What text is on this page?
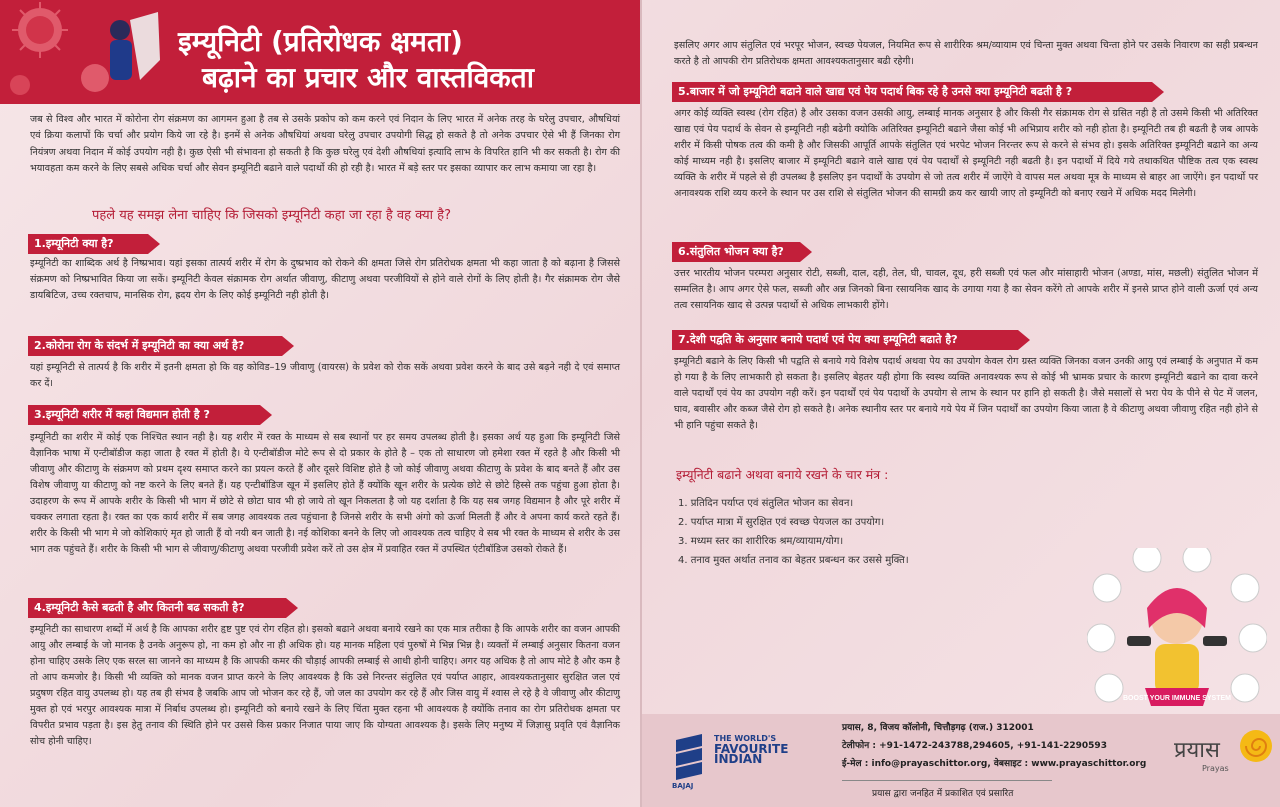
इम्यूनिटी (प्रतिरोधक क्षमता)
बढ़ाने का प्रचार और वास्तविकता
जब से विश्व और भारत में कोरोना रोग संक्रमण का आगमन हुआ है तब से उसके प्रकोप को कम करने एवं निदान के लिए भारत में अनेक तरह के घरेलु उपचार, औषधियां एवं क्रिया कलापों कि चर्चा और प्रयोग किये जा रहे है। इनमें से अनेक औषधियां अथवा घरेलु उपचार उपयोगी सिद्ध हो सकते है तो अनेक उपचार ऐसे भी हैं जिनका रोग नियंत्रण अथवा निदान में कोई उपयोग नही है। कुछ ऐसी भी संभावना हो सकती है कि कुछ घरेलु एवं देशी औषधियां इत्यादि लाभ के विपरित हानि भी कर सकती है। रोग की भयावहता कम करने के लिए सबसे अधिक चर्चा और सेवन इम्यूनिटी बढाने वाले पदार्थो की हो रही है। भारत में बड़े स्तर पर इसका व्यापार कर लाभ कमाया जा रहा है।
पहले यह समझ लेना चाहिए कि जिसको इम्यूनिटी कहा जा रहा है वह क्या है?
1.इम्यूनिटी क्या है?
इम्यूनिटी का शाब्दिक अर्थ है निष्प्रभाव। यहां इसका तात्पर्य शरीर में रोग के दुष्प्रभाव को रोकने की क्षमता जिसे रोग प्रतिरोधक क्षमता भी कहा जाता है को बढ़ाना है जिससे संक्रमण को निष्प्रभावित किया जा सकें। इम्यूनिटी केवल संक्रामक रोग अर्थात जीवाणु, कीटाणु अथवा परजीवियों से होने वाले रोगों के लिए होती है। गैर संक्रामक रोग जैसे डायबिटिज, उच्च रक्तचाप, मानसिक रोग, ह्रदय रोग के लिए कोई इम्यूनिटी नही होती है।
2.कोरोना रोग के संदर्भ में इम्यूनिटी का क्या अर्थ है?
यहां इम्यूनिटी से तात्पर्य है कि शरीर में इतनी क्षमता हो कि वह कोविड–19 जीवाणु (वायरस) के प्रवेश को रोक सकें अथवा प्रवेश करने के बाद उसे बढ़ने नही दे एवं समाप्त कर दें।
3.इम्यूनिटी शरीर में कहां विद्यमान होती है ?
इम्यूनिटी का शरीर में कोई एक निश्चित स्थान नही है। यह शरीर में रक्त के माध्यम से सब स्थानों पर हर समय उपलब्ध होती है। इसका अर्थ यह हुआ कि इम्यूनिटी जिसे वैज्ञानिक भाषा में एन्टीबॉडीज कहा जाता है रक्त में होती है। ये एन्टीबॉडीज मोटे रूप से दो प्रकार के होते है – एक तो साधारण जो हमेशा रक्त में रहते है और किसी भी जीवाणु और कीटाणु के संक्रमण को प्रथम दृश्य समाप्त करने का प्रयत्न करते हैं और दूसरे विशिष्ट होते है जो कोई जीवाणु अथवा कीटाणु के प्रवेश के बाद बनते हैं और उस विशेष जीवाणु या कीटाणु को नष्ट करने के लिए बनते हैं। यह एन्टीबॉडिज खून में इसलिए होते हैं क्योंकि खून शरीर के प्रत्येक छोटे से छोटे हिस्से तक पहुंचा हुआ होता है। उदाहरण के रूप में आपके शरीर के किसी भी भाग में छोटे से छोटा घाव भी हो जाये तो खून निकलता है जो यह दर्शाता है कि यह सब जगह विद्यमान है और पूरे शरीर में चक्कर लगाता रहता है। रक्त का एक कार्य शरीर में सब जगह आवश्यक तत्व पहुंचाना है जिनसे शरीर के सभी अंगो को ऊर्जा मिलती हैं और वे अपना कार्य करते रहते हैं। शरीर के किसी भी भाग मे जो कोशिकाएं मृत हो जाती हैं वो नयी बन जाती है। नई कोशिका बनने के लिए जो आवश्यक तत्व चाहिए वे सब भी रक्त के माध्यम से शरीर के उस भाग तक पहुंचते हैं। शरीर के किसी भी भाग से जीवाणु/कीटाणु अथवा परजीवी प्रवेश करें तो उस क्षेत्र में प्रवाहित रक्त में उपस्थित एंटीबॉडिज उसको रोकते हैं।
4.इम्यूनिटी कैसे बढती है और कितनी बढ सकती है?
इम्यूनिटी का साधारण शब्दों में अर्थ है कि आपका शरीर हृष्ट पुष्ट एवं रोग रहित हो। इसको बढाने अथवा बनाये रखने का एक मात्र तरीका है कि आपके शरीर का वजन आपकी आयु और लम्बाई के जो मानक है उनके अनुरूप हो, ना कम हो और ना ही अधिक हो। यह मानक महिला एवं पुरुषों मे भिन्न भिन्न है। व्यक्तों में लम्बाई अनुसार कितना वजन होना चाहिए उसके लिए एक सरल सा जानने का माध्यम है कि आपकी कमर की चौड़ाई आपकी लम्बाई से आधी होनी चाहिए। अगर यह अधिक है तो आप मोटे है और कम है तो आप कमजोर है। किसी भी व्यक्ति को मानक वजन प्राप्त करने के लिए आवश्यक है कि उसे निरन्तर संतुलित एवं पर्याप्त आहार, आवश्यकतानुसार सुरक्षित जल एवं प्रदुषण रहित वायु उपलब्ध हो। यह तब ही संभव है जबकि आप जो भोजन कर रहे हैं, जो जल का उपयोग कर रहे हैं और जिस वायु में श्वास ले रहे है वे जीवाणु और कीटाणु मुक्त हो एवं भरपुर आवश्यक मात्रा में निर्बाध उपलब्ध हो। इम्यूनिटी को बनाये रखने के लिए चिंता मुक्त रहना भी आवश्यक है क्योंकि तनाव का रोग प्रतिरोधक क्षमता पर विपरीत प्रभाव पड़ता है। इस हेतु तनाव की स्थिति होने पर उससे किस प्रकार निजात पाया जाए कि योग्यता आवश्यक है। इसके लिए मनुष्य में जिज्ञासु प्रवृति एवं वैज्ञानिक सोच होनी चाहिए।
इसलिए अगर आप संतुलित एवं भरपूर भोजन, स्वच्छ पेयजल, नियमित रूप से शारीरिक श्रम/व्यायाम एवं चिन्ता मुक्त अथवा चिन्ता होने पर उसके निवारण का सही प्रबन्धन करते है तो आपकी रोग प्रतिरोधक क्षमता आवश्यकतानुसार बढी रहेगी।
5.बाजार में जो इम्यूनिटी बढाने वाले खाद्य एवं पेय पदार्थ बिक रहे है उनसे क्या इम्यूनिटी बढती है ?
अगर कोई व्यक्ति स्वस्थ (रोग रहित) है और उसका वजन उसकी आयु, लम्बाई मानक अनुसार है और किसी गैर संक्रामक रोग से ग्रसित नही है तो उसमे किसी भी अतिरिक्त खाद्य एवं पेय पदार्थ के सेवन से इम्यूनिटी नही बढेगी क्योकि अतिरिक्त इम्यूनिटी बढाने जैसा कोई भी अभिप्राय शरीर को नही होता है। इम्यूनिटी तब ही बढती है जब आपके शरीर में किसी पोषक तत्व की कमी है और जिसकी आपूर्ति आपके संतुलित एवं भरपेट भोजन निरन्तर रूप से करने से संभव हो। इसके अतिरिक्त इम्यूनिटी बढाने का अन्य कोई माध्यम नही है। इसलिए बाजार में इम्यूनिटी बढाने वाले खाद्य एवं पेय पदार्थों से इम्यूनिटी नही बढती है। इन पदार्थो में दिये गये तथाकथित पौष्टिक तत्व एक स्वस्थ व्यक्ति के शरीर में पहले से ही उपलब्ध है इसलिए इन पदार्थों के उपयोग से जो तत्व शरीर में जाऐंगे वे वापस मल अथवा मूत्र के माध्यम से बाहर आ जाऐंगे। इन पदार्थो पर अनावश्यक राशि व्यय करने के स्थान पर उस राशि से संतुलित भोजन की सामग्री क्रय कर खायी जाए तो इम्यूनिटी को बनाए रखने में अधिक मदद मिलेगी।
6.संतुलित भोजन क्या है?
उत्तर भारतीय भोजन परम्परा अनुसार रोटी, सब्जी, दाल, दही, तेल, घी, चावल, दूध, हरी सब्जी एवं फल और मांसाहारी भोजन (अण्डा, मांस, मछली) संतुलित भोजन में सम्मलित है। आप अगर ऐसे फल, सब्जी और अन्न जिनको बिना रसायनिक खाद के उगाया गया है का सेवन करेंगे तो आपके शरीर में इनसे प्राप्त होने वाली ऊर्जा एवं अन्य तत्व रसायनिक खाद से उत्पन्न पदार्थो से अधिक लाभकारी होंगे।
7.देशी पद्वति के अनुसार बनाये पदार्थ एवं पेय क्या इम्यूनिटी बढाते है?
इम्यूनिटी बढाने के लिए किसी भी पद्वति से बनाये गये विशेष पदार्थ अथवा पेय का उपयोग केवल रोग ग्रस्त व्यक्ति जिनका वजन उनकी आयु एवं लम्बाई के अनुपात में कम हो गया है के लिए लाभकारी हो सकता है। इसलिए बेहतर यही होगा कि स्वस्थ व्यक्ति अनावश्यक रूप से कोई भी भ्रामक प्रचार के कारण इम्यूनिटी बढाने का दावा करने वाले पदार्थों एवं पेय का उपयोग नही करें। इन पदार्थों एवं पेय पदार्थो के उपयोग से लाभ के स्थान पर हानि हो सकती है। जैसे मसालों से भरा पेय के पीने से पेट में जलन, घाव, बवासीर और कब्ज जैसे रोग हो सकते है। अनेक स्थानीय स्तर पर बनाये गये पेय में जिन पदार्थों का उपयोग किया जाता है वे कीटाणु अथवा जीवाणु रहित नही होने से भी हानि पहुंचा सकते है।
इम्यूनिटी बढाने अथवा बनाये रखने के चार मंत्र :
1. प्रतिदिन पर्याप्त एवं संतुलित भोजन का सेवन।
2. पर्याप्त मात्रा में सुरक्षित एवं स्वच्छ पेयजल का उपयोग।
3. मध्यम स्तर का शारीरिक श्रम/व्यायाम/योग।
4. तनाव मुक्त अर्थात तनाव का बेहतर प्रबन्धन कर उससे मुक्ति।
BOOST YOUR IMMUNE SYSTEM
BAJAJ
THE WORLD'S
FAVOURITE
INDIAN
प्रयास, 8, विजय कॉलोनी, चित्तौड़गढ़ (राज.) 312001
टेलीफोन : +91-1472-243788,294605, +91-141-2290593
ई-मेल : info@prayaschittor.org, वेबसाइट : www.prayaschittor.org
प्रयास द्वारा जनहित में प्रकाशित एवं प्रसारित
प्रयास
Prayas
